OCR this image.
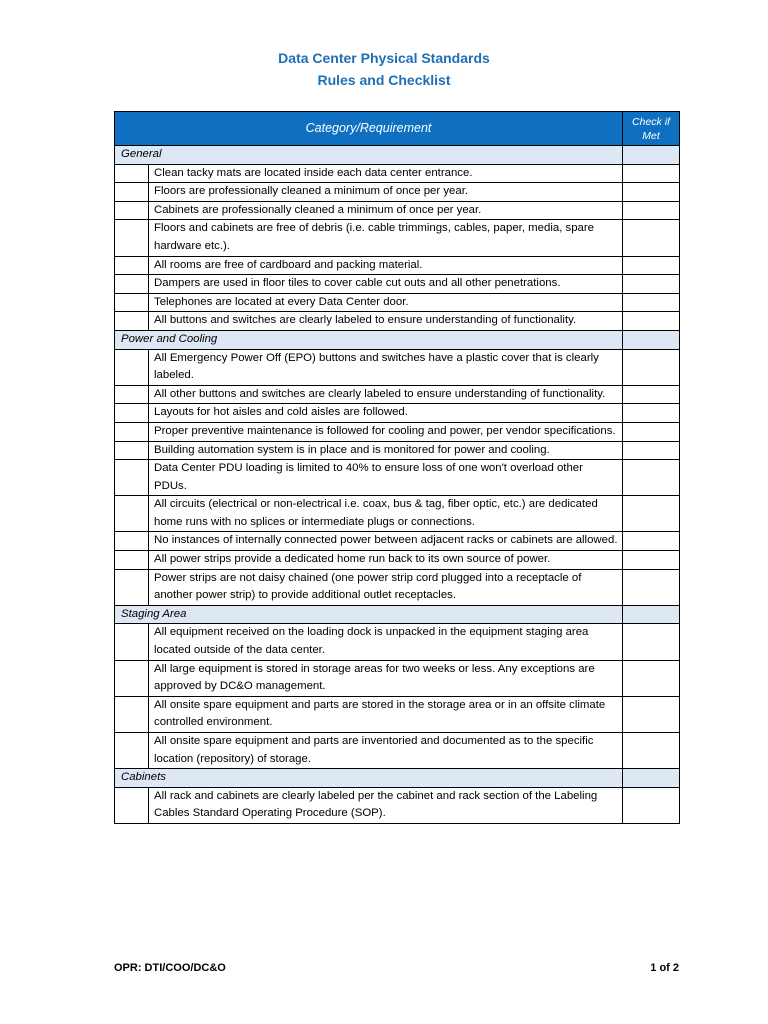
Data Center Physical Standards
Rules and Checklist
Category/Requirement		Check if Met
General		
	Clean tacky mats are located inside each data center entrance.	
	Floors are professionally cleaned a minimum of once per year.	
	Cabinets are professionally cleaned a minimum of once per year.	
	Floors and cabinets are free of debris (i.e. cable trimmings, cables, paper, media, spare hardware etc.).	
	All rooms are free of cardboard and packing material.	
	Dampers are used in floor tiles to cover cable cut outs and all other penetrations.	
	Telephones are located at every Data Center door.	
	All buttons and switches are clearly labeled to ensure understanding of functionality.	
Power and Cooling		
	All Emergency Power Off (EPO) buttons and switches have a plastic cover that is clearly labeled.	
	All other buttons and switches are clearly labeled to ensure understanding of functionality.	
	Layouts for hot aisles and cold aisles are followed.	
	Proper preventive maintenance is followed for cooling and power, per vendor specifications.	
	Building automation system is in place and is monitored for power and cooling.	
	Data Center PDU loading is limited to 40% to ensure loss of one won't overload other PDUs.	
	All circuits (electrical or non-electrical i.e. coax, bus & tag, fiber optic, etc.) are dedicated home runs with no splices or intermediate plugs or connections.	
	No instances of internally connected power between adjacent racks or cabinets are allowed.	
	All power strips provide a dedicated home run back to its own source of power.	
	Power strips are not daisy chained (one power strip cord plugged into a receptacle of another power strip) to provide additional outlet receptacles.	
Staging Area		
	All equipment received on the loading dock is unpacked in the equipment staging area located outside of the data center.	
	All large equipment is stored in storage areas for two weeks or less. Any exceptions are approved by DC&O management.	
	All onsite spare equipment and parts are stored in the storage area or in an offsite climate controlled environment.	
	All onsite spare equipment and parts are inventoried and documented as to the specific location (repository) of storage.	
Cabinets		
	All rack and cabinets are clearly labeled per the cabinet and rack section of the Labeling Cables Standard Operating Procedure (SOP).	
OPR: DTI/COO/DC&O	1 of 2
